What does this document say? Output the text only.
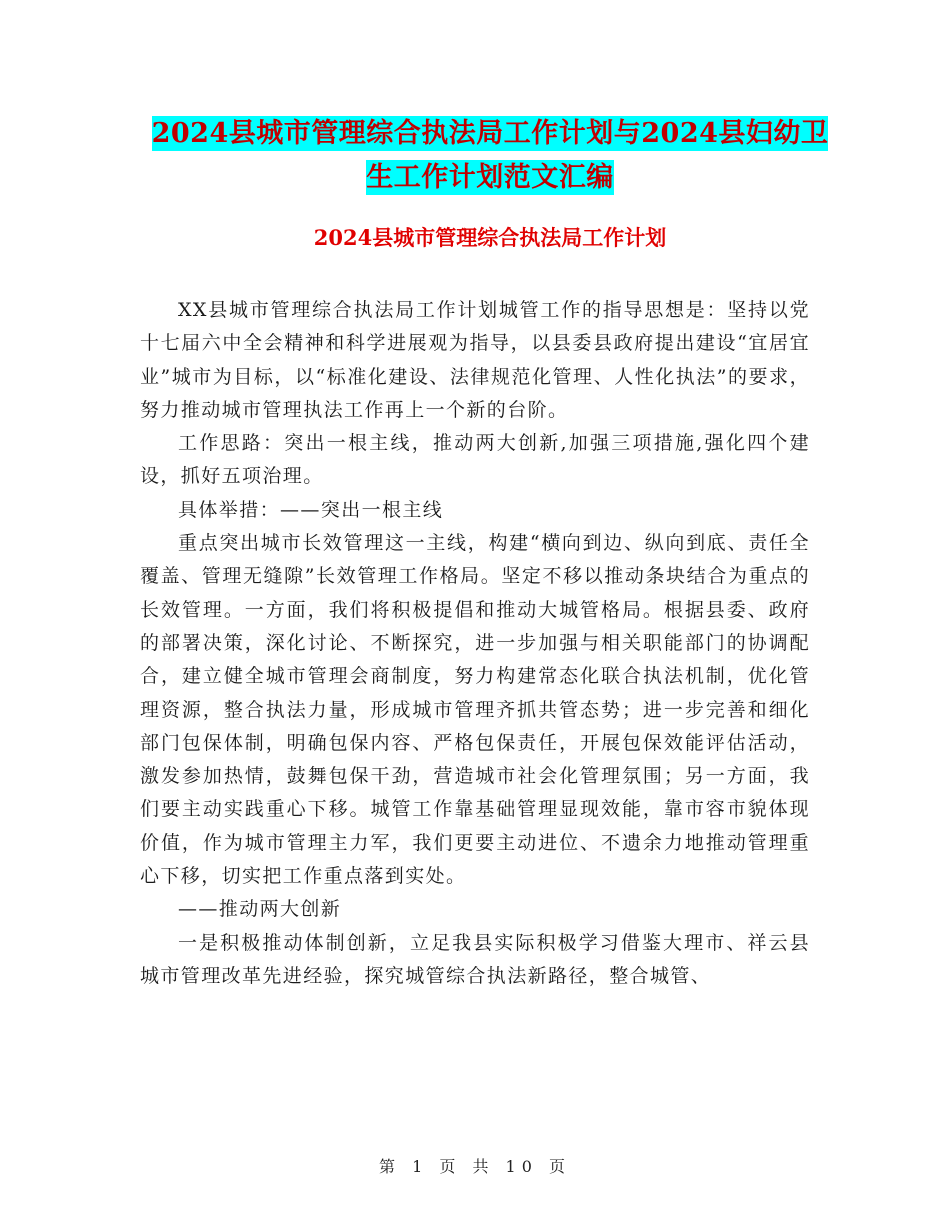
2024县城市管理综合执法局工作计划与2024县妇幼卫
生工作计划范文汇编
2024县城市管理综合执法局工作计划

XX县城市管理综合执法局工作计划城管工作的指导思想是：坚持以党十七届六中全会精神和科学进展观为指导，以县委县政府提出建设“宜居宜业”城市为目标，以“标准化建设、法律规范化管理、人性化执法”的要求，努力推动城市管理执法工作再上一个新的台阶。

工作思路：突出一根主线，推动两大创新,加强三项措施,强化四个建设，抓好五项治理。

具体举措：——突出一根主线

重点突出城市长效管理这一主线，构建“横向到边、纵向到底、责任全覆盖、管理无缝隙”长效管理工作格局。坚定不移以推动条块结合为重点的长效管理。一方面，我们将积极提倡和推动大城管格局。根据县委、政府的部署决策，深化讨论、不断探究，进一步加强与相关职能部门的协调配合，建立健全城市管理会商制度，努力构建常态化联合执法机制，优化管理资源，整合执法力量，形成城市管理齐抓共管态势；进一步完善和细化部门包保体制，明确包保内容、严格包保责任，开展包保效能评估活动，激发参加热情，鼓舞包保干劲，营造城市社会化管理氛围；另一方面，我们要主动实践重心下移。城管工作靠基础管理显现效能，靠市容市貌体现价值，作为城市管理主力军，我们更要主动进位、不遗余力地推动管理重心下移，切实把工作重点落到实处。

——推动两大创新

一是积极推动体制创新，立足我县实际积极学习借鉴大理市、祥云县城市管理改革先进经验，探究城管综合执法新路径，整合城管、

第 1 页 共 10 页
